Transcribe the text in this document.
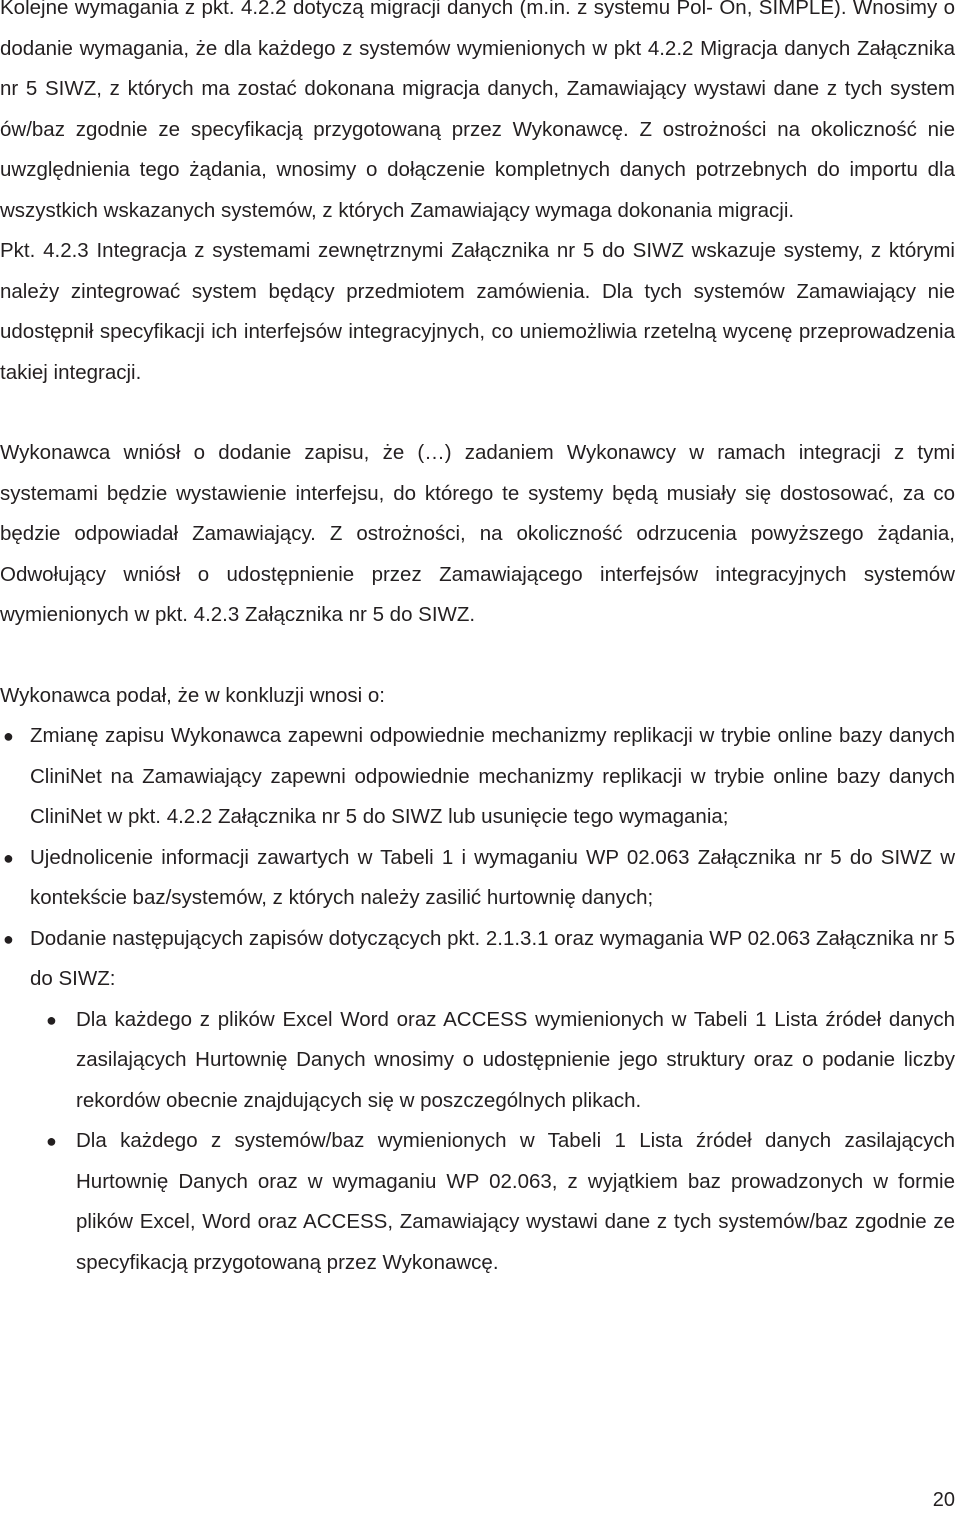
Kolejne wymagania z pkt. 4.2.2 dotyczą migracji danych (m.in. z systemu Pol- On, SIMPLE). Wnosimy o dodanie wymagania, że dla każdego z systemów wymienionych w pkt 4.2.2 Migracja danych Załącznika nr 5 SIWZ, z których ma zostać dokonana migracja danych, Zamawiający wystawi dane z tych system ów/baz zgodnie ze specyfikacją przygotowaną przez Wykonawcę. Z ostrożności na okoliczność nie uwzględnienia tego żądania, wnosimy o dołączenie kompletnych danych potrzebnych do importu dla wszystkich wskazanych systemów, z których Zamawiający wymaga dokonania migracji.

Pkt. 4.2.3 Integracja z systemami zewnętrznymi Załącznika nr 5 do SIWZ wskazuje systemy, z którymi należy zintegrować system będący przedmiotem zamówienia. Dla tych systemów Zamawiający nie udostępnił specyfikacji ich interfejsów integracyjnych, co uniemożliwia rzetelną wycenę przeprowadzenia takiej integracji.

Wykonawca wniósł o dodanie zapisu, że (…) zadaniem Wykonawcy w ramach integracji z tymi systemami będzie wystawienie interfejsu, do którego te systemy będą musiały się dostosować, za co będzie odpowiadał Zamawiający. Z ostrożności, na okoliczność odrzucenia powyższego żądania, Odwołujący wniósł o udostępnienie przez Zamawiającego interfejsów integracyjnych systemów wymienionych w pkt. 4.2.3 Załącznika nr 5 do SIWZ.

Wykonawca podał, że w konkluzji wnosi o:

● Zmianę zapisu Wykonawca zapewni odpowiednie mechanizmy replikacji w trybie online bazy danych CliniNet na Zamawiający zapewni odpowiednie mechanizmy replikacji w trybie online bazy danych CliniNet w pkt. 4.2.2 Załącznika nr 5 do SIWZ lub usunięcie tego wymagania;
● Ujednolicenie informacji zawartych w Tabeli 1 i wymaganiu WP 02.063 Załącznika nr 5 do SIWZ w kontekście baz/systemów, z których należy zasilić hurtownię danych;
● Dodanie następujących zapisów dotyczących pkt. 2.1.3.1 oraz wymagania WP 02.063 Załącznika nr 5 do SIWZ:
● Dla każdego z plików Excel Word oraz ACCESS wymienionych w Tabeli 1 Lista źródeł danych zasilających Hurtownię Danych wnosimy o udostępnienie jego struktury oraz o podanie liczby rekordów obecnie znajdujących się w poszczególnych plikach.
● Dla każdego z systemów/baz wymienionych w Tabeli 1 Lista źródeł danych zasilających Hurtownię Danych oraz w wymaganiu WP 02.063, z wyjątkiem baz prowadzonych w formie plików Excel, Word oraz ACCESS, Zamawiający wystawi dane z tych systemów/baz zgodnie ze specyfikacją przygotowaną przez Wykonawcę.
20
